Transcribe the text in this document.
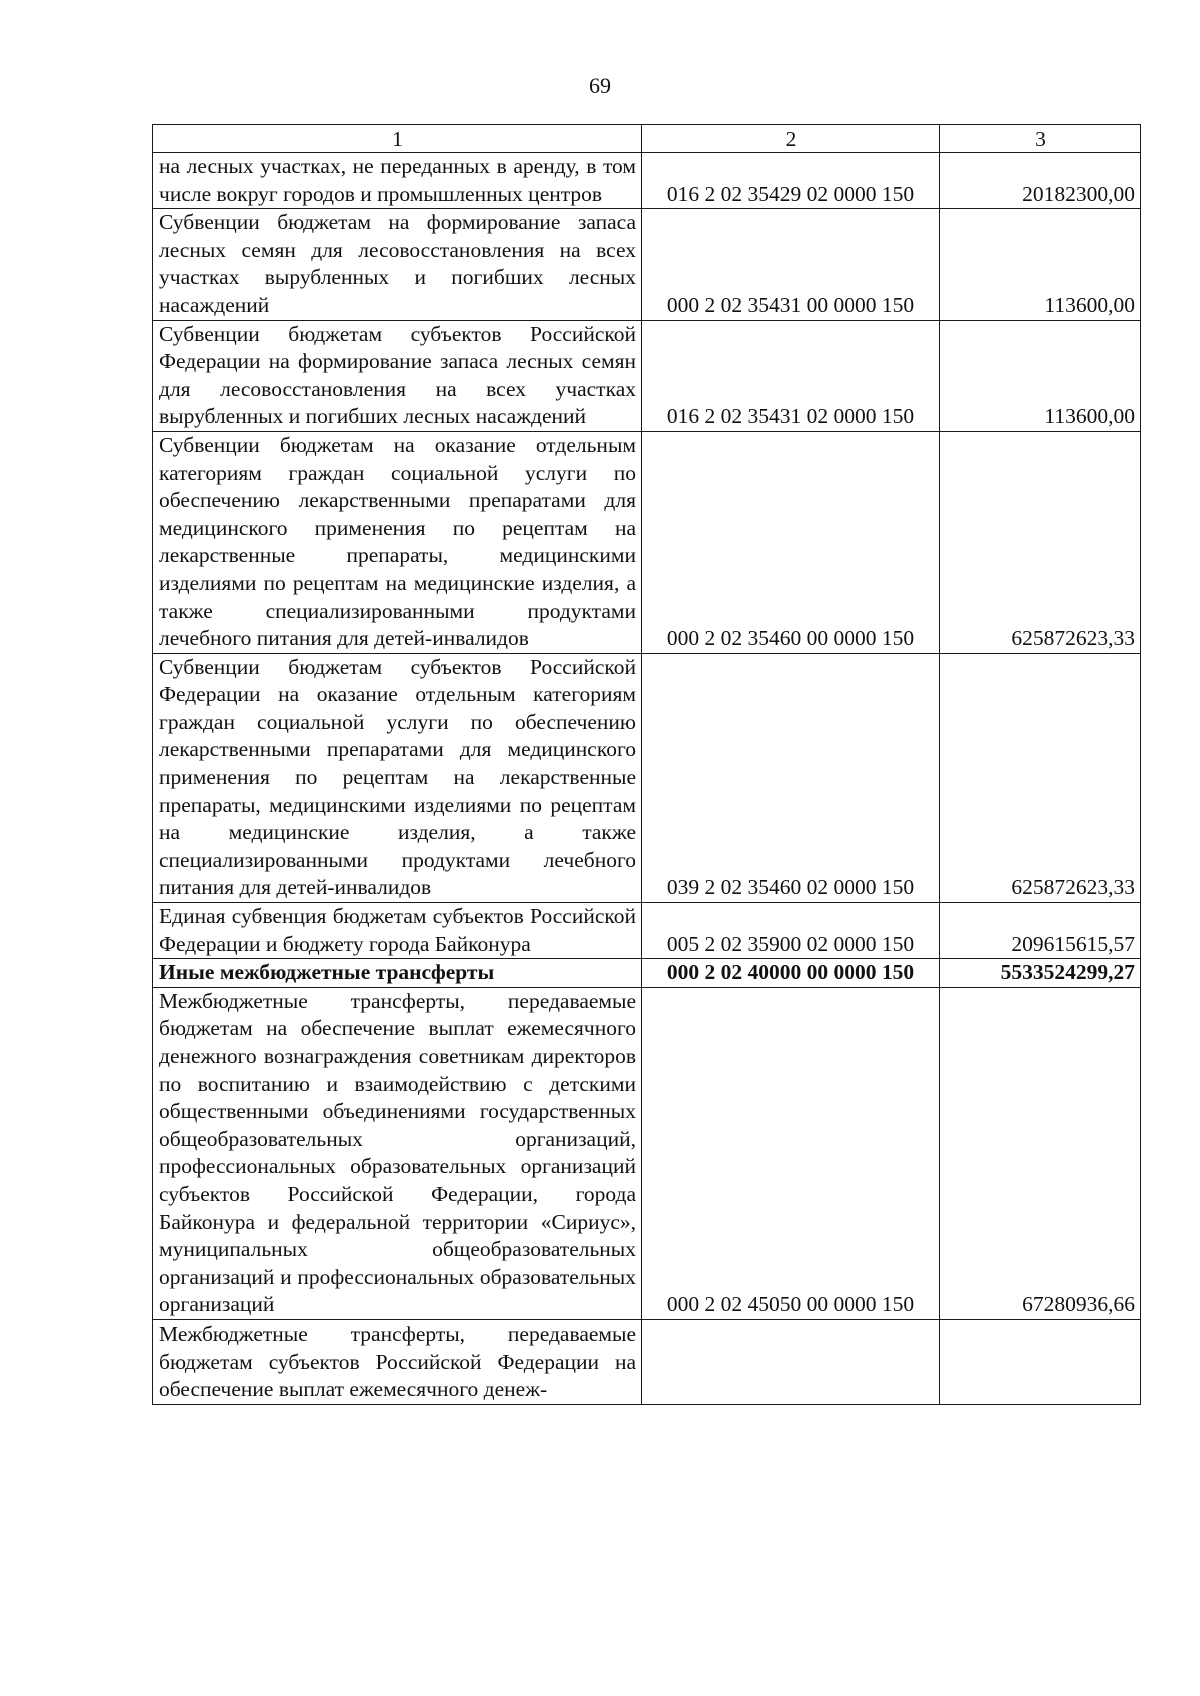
69
1	2	3
на лесных участках, не переданных в аренду, в том числе вокруг городов и промышленных центров	016 2 02 35429 02 0000 150	20182300,00
Субвенции бюджетам на формирование запаса лесных семян для лесовосстановления на всех участках вырубленных и погибших лесных насаждений	000 2 02 35431 00 0000 150	113600,00
Субвенции бюджетам субъектов Российской Федерации на формирование запаса лесных семян для лесовосстановления на всех участках вырубленных и погибших лесных насаждений	016 2 02 35431 02 0000 150	113600,00
Субвенции бюджетам на оказание отдельным категориям граждан социальной услуги по обеспечению лекарственными препаратами для медицинского применения по рецептам на лекарственные препараты, медицинскими изделиями по рецептам на медицинские изделия, а также специализированными продуктами лечебного питания для детей-инвалидов	000 2 02 35460 00 0000 150	625872623,33
Субвенции бюджетам субъектов Российской Федерации на оказание отдельным категориям граждан социальной услуги по обеспечению лекарственными препаратами для медицинского применения по рецептам на лекарственные препараты, медицинскими изделиями по рецептам на медицинские изделия, а также специализированными продуктами лечебного питания для детей-инвалидов	039 2 02 35460 02 0000 150	625872623,33
Единая субвенция бюджетам субъектов Российской Федерации и бюджету города Байконура	005 2 02 35900 02 0000 150	209615615,57
Иные межбюджетные трансферты	000 2 02 40000 00 0000 150	5533524299,27
Межбюджетные трансферты, передаваемые бюджетам на обеспечение выплат ежемесячного денежного вознаграждения советникам директоров по воспитанию и взаимодействию с детскими общественными объединениями государственных общеобразовательных организаций, профессиональных образовательных организаций субъектов Российской Федерации, города Байконура и федеральной территории «Сириус», муниципальных общеобразовательных организаций и профессиональных образовательных организаций	000 2 02 45050 00 0000 150	67280936,66
Межбюджетные трансферты, передаваемые бюджетам субъектов Российской Федерации на обеспечение выплат ежемесячного денеж-		
